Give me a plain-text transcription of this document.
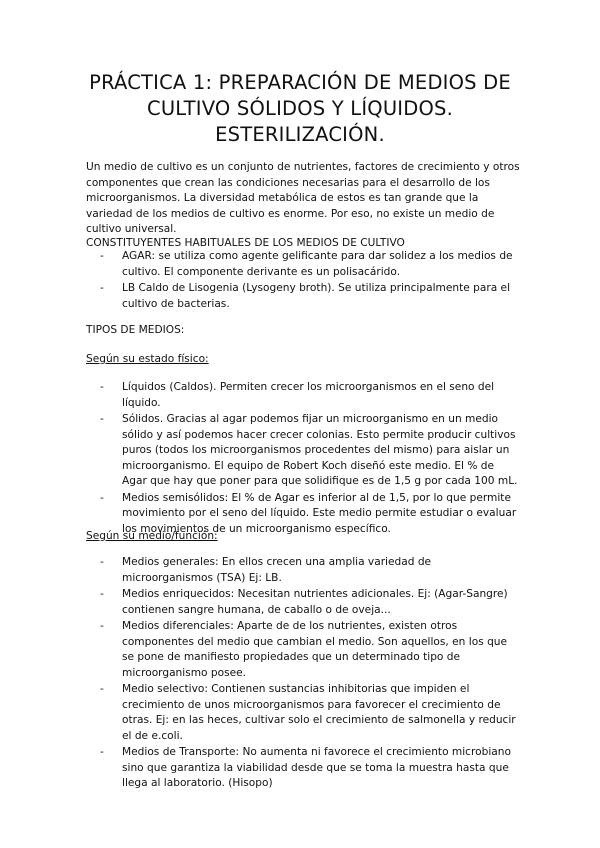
PRÁCTICA 1: PREPARACIÓN DE MEDIOS DE
CULTIVO SÓLIDOS Y LÍQUIDOS.
ESTERILIZACIÓN.
Un medio de cultivo es un conjunto de nutrientes, factores de crecimiento y otros componentes que crean las condiciones necesarias para el desarrollo de los microorganismos. La diversidad metabólica de estos es tan grande que la variedad de los medios de cultivo es enorme. Por eso, no existe un medio de cultivo universal.
CONSTITUYENTES HABITUALES DE LOS MEDIOS DE CULTIVO
- AGAR: se utiliza como agente gelificante para dar solidez a los medios de cultivo. El componente derivante es un polisacárido.
- LB Caldo de Lisogenia (Lysogeny broth). Se utiliza principalmente para el cultivo de bacterias.
TIPOS DE MEDIOS:
Según su estado físico:
- Líquidos (Caldos). Permiten crecer los microorganismos en el seno del líquido.
- Sólidos. Gracias al agar podemos fijar un microorganismo en un medio sólido y así podemos hacer crecer colonias. Esto permite producir cultivos puros (todos los microorganismos procedentes del mismo) para aislar un microorganismo. El equipo de Robert Koch diseñó este medio. El % de Agar que hay que poner para que solidifique es de 1,5 g por cada 100 mL.
- Medios semisólidos: El % de Agar es inferior al de 1,5, por lo que permite movimiento por el seno del líquido. Este medio permite estudiar o evaluar los movimientos de un microorganismo específico.
Según su medio/función:
- Medios generales: En ellos crecen una amplia variedad de microorganismos (TSA) Ej: LB.
- Medios enriquecidos: Necesitan nutrientes adicionales. Ej: (Agar-Sangre) contienen sangre humana, de caballo o de oveja...
- Medios diferenciales: Aparte de de los nutrientes, existen otros componentes del medio que cambian el medio. Son aquellos, en los que se pone de manifiesto propiedades que un determinado tipo de microorganismo posee.
- Medio selectivo: Contienen sustancias inhibitorias que impiden el crecimiento de unos microorganismos para favorecer el crecimiento de otras. Ej: en las heces, cultivar solo el crecimiento de salmonella y reducir el de e.coli.
- Medios de Transporte: No aumenta ni favorece el crecimiento microbiano sino que garantiza la viabilidad desde que se toma la muestra hasta que llega al laboratorio. (Hisopo)
